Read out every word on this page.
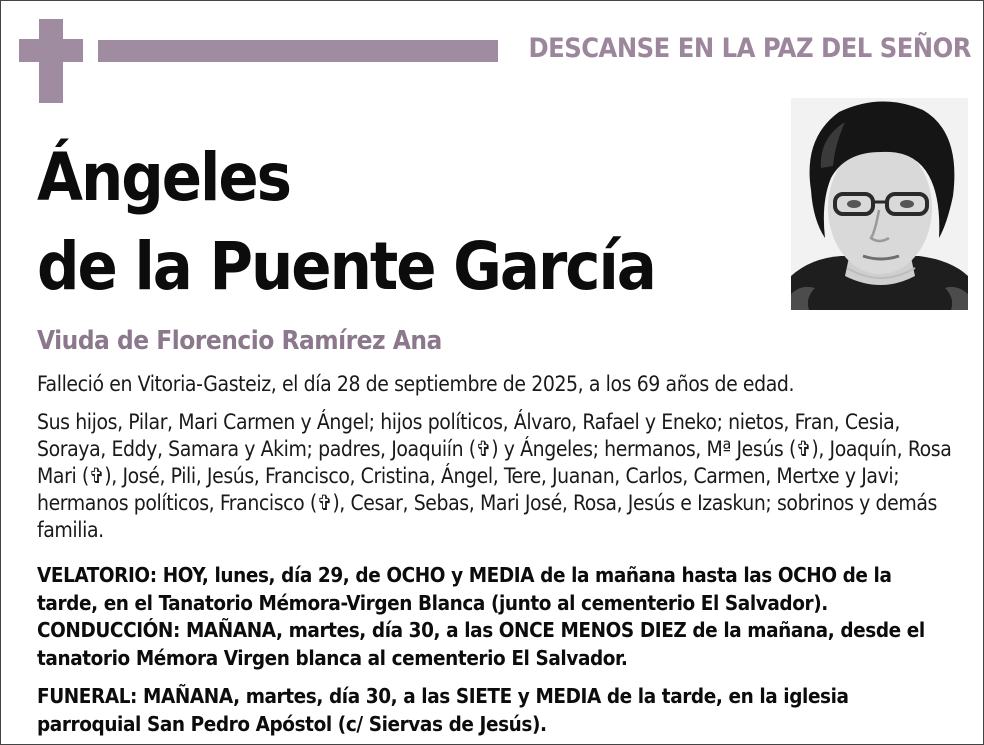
DESCANSE EN LA PAZ DEL SEÑOR
Ángeles
de la Puente García
Viuda de Florencio Ramírez Ana

Falleció en Vitoria-Gasteiz, el día 28 de septiembre de 2025, a los 69 años de edad.

Sus hijos, Pilar, Mari Carmen y Ángel; hijos políticos, Álvaro, Rafael y Eneko; nietos, Fran, Cesia, Soraya, Eddy, Samara y Akim; padres, Joaquiín (✞) y Ángeles; hermanos, Mª Jesús (✞), Joaquín, Rosa Mari (✞), José, Pili, Jesús, Francisco, Cristina, Ángel, Tere, Juanan, Carlos, Carmen, Mertxe y Javi; hermanos políticos, Francisco (✞), Cesar, Sebas, Mari José, Rosa, Jesús e Izaskun; sobrinos y demás familia.

VELATORIO: HOY, lunes, día 29, de OCHO y MEDIA de la mañana hasta las OCHO de la tarde, en el Tanatorio Mémora-Virgen Blanca (junto al cementerio El Salvador). CONDUCCIÓN: MAÑANA, martes, día 30, a las ONCE MENOS DIEZ de la mañana, desde el tanatorio Mémora Virgen blanca al cementerio El Salvador.

FUNERAL: MAÑANA, martes, día 30, a las SIETE y MEDIA de la tarde, en la iglesia parroquial San Pedro Apóstol (c/ Siervas de Jesús).
